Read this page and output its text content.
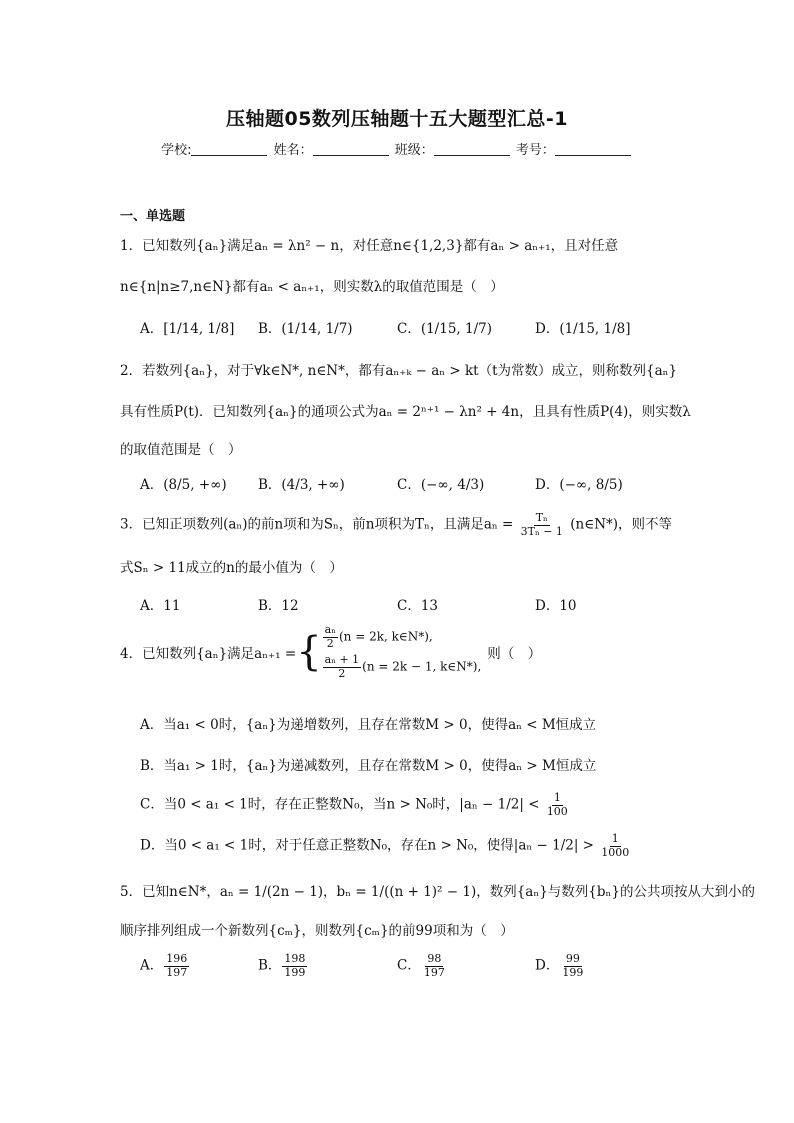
压轴题05数列压轴题十五大题型汇总-1
学校:	姓名：	班级：	考号：
一、单选题
1．已知数列{aₙ}满足aₙ = λn² − n，对任意n∈{1,2,3}都有aₙ > aₙ₊₁，且对任意
n∈{n|n≥7,n∈N}都有aₙ < aₙ₊₁，则实数λ的取值范围是（　）
A．[1/14, 1/8] B．(1/14, 1/7)	C．(1/15, 1/7)	D．(1/15, 1/8]
2．若数列{aₙ}，对于∀k∈N*, n∈N*，都有aₙ₊ₖ − aₙ > kt（t为常数）成立，则称数列{aₙ}
具有性质P(t)．已知数列{aₙ}的通项公式为aₙ = 2ⁿ⁺¹ − λn² + 4n，且具有性质P(4)，则实数λ
的取值范围是（　）
A．(8/5, +∞) B．(4/3, +∞)	C．(−∞, 4/3)	D．(−∞, 8/5)
3．已知正项数列(aₙ)的前n项和为Sₙ，前n项积为Tₙ，且满足$a_n = \frac{\text{Tₙ}}{\text{3Tₙ − 1}}$ (n∈N*)，则不等
式Sₙ > 11成立的n的最小值为（　）
A．11	B．12	C．13	D．10
4．已知数列{aₙ}满足aₙ₊₁ = { $\frac{\text{aₙ}}{2} (n = 2k$, k∈N*),
$\frac{\text{aₙ + 1}}{2} (n = 2k - 1$, k∈N*),
则（　）
A．当a₁ < 0时，{aₙ}为递增数列，且存在常数M > 0，使得aₙ < M恒成立
B．当a₁ > 1时，{aₙ}为递减数列，且存在常数M > 0，使得aₙ > M恒成立
C．当0 < a₁ < 1时，存在正整数N₀，当n > N₀时，$|a_n - 1/2| < \frac{1}{100}$
D．当0 < a₁ < 1时，对于任意正整数N₀，存在n > N₀，使得$|a_n - 1/2| > \frac{1}{1000}$
5．已知n∈N*，aₙ = 1/(2n − 1)，bₙ = 1/((n + 1)² − 1)，数列{aₙ}与数列{bₙ}的公共项按从大到小的
顺序排列组成一个新数列{cₘ}，则数列{cₘ}的前99项和为（　）
A． $\frac{196}{197}$	B． $\frac{198}{199}$	C． $\frac{98}{197}$	D． $\frac{99}{199}$
